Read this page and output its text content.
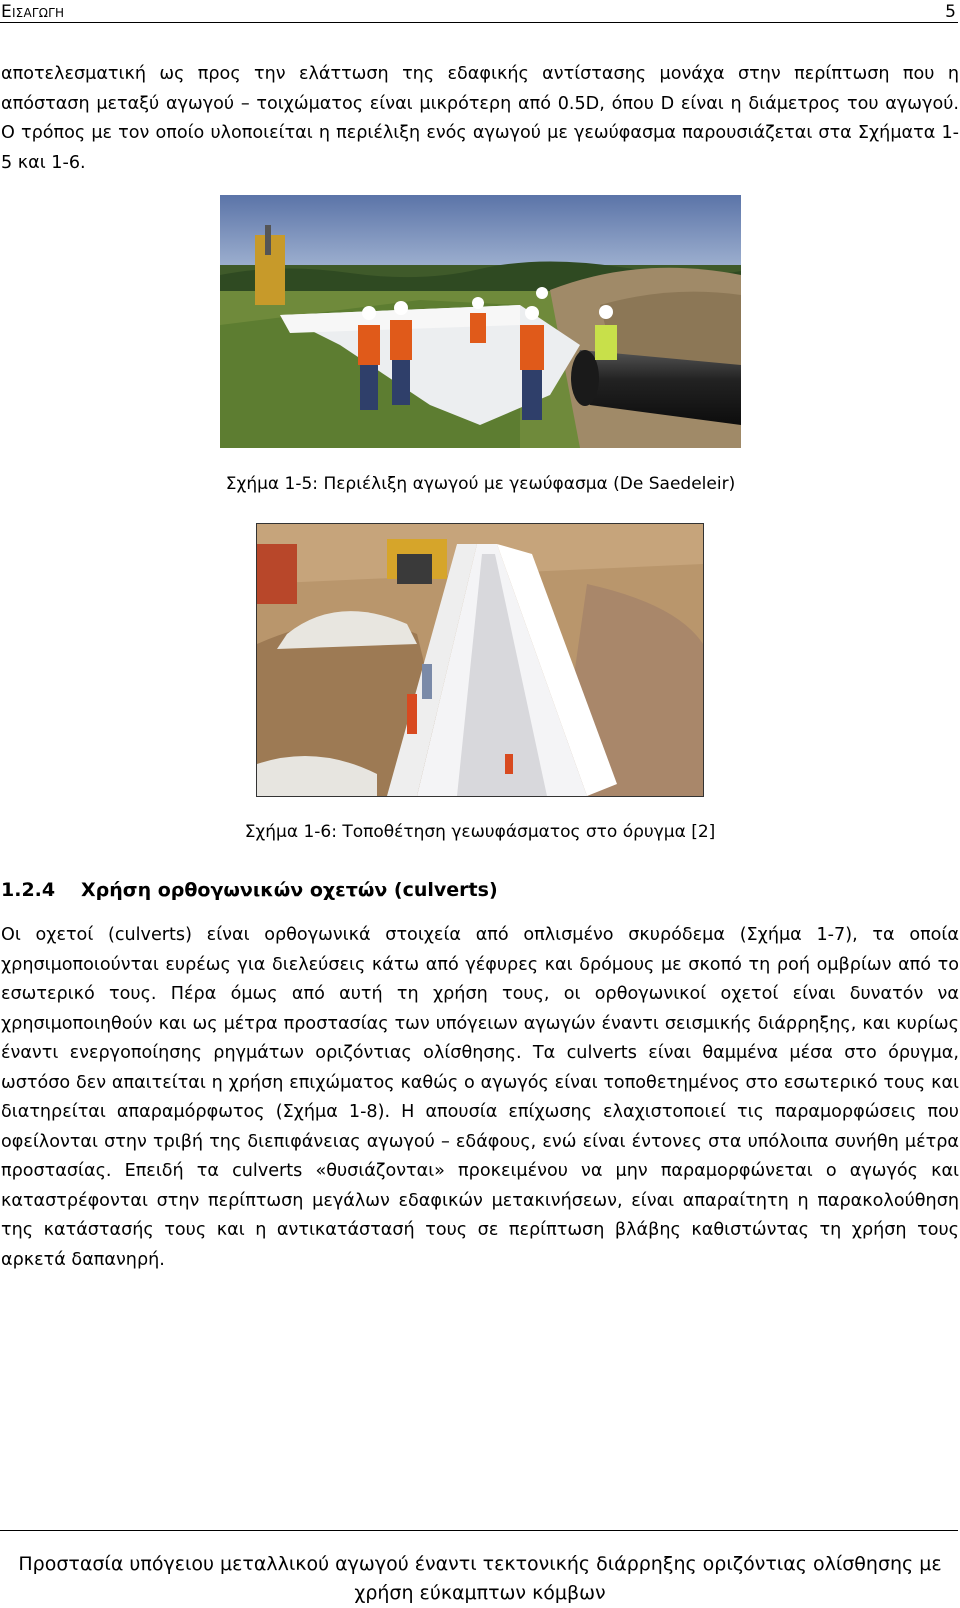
Εισαγωγη	5
αποτελεσματική ως προς την ελάττωση της εδαφικής αντίστασης μονάχα στην περίπτωση που η απόσταση μεταξύ αγωγού – τοιχώματος είναι μικρότερη από 0.5D, όπου D είναι η διάμετρος του αγωγού. Ο τρόπος με τον οποίο υλοποιείται η περιέλιξη ενός αγωγού με γεωύφασμα παρουσιάζεται στα Σχήματα 1-5 και 1-6.
Σχήμα 1-5: Περιέλιξη αγωγού με γεωύφασμα (De Saedeleir)
Σχήμα 1-6: Τοποθέτηση γεωυφάσματος στο όρυγμα [2]
1.2.4 Χρήση ορθογωνικών οχετών (culverts)
Οι οχετοί (culverts) είναι ορθογωνικά στοιχεία από οπλισμένο σκυρόδεμα (Σχήμα 1-7), τα οποία χρησιμοποιούνται ευρέως για διελεύσεις κάτω από γέφυρες και δρόμους με σκοπό τη ροή ομβρίων από το εσωτερικό τους. Πέρα όμως από αυτή τη χρήση τους, οι ορθογωνικοί οχετοί είναι δυνατόν να χρησιμοποιηθούν και ως μέτρα προστασίας των υπόγειων αγωγών έναντι σεισμικής διάρρηξης, και κυρίως έναντι ενεργοποίησης ρηγμάτων οριζόντιας ολίσθησης. Τα culverts είναι θαμμένα μέσα στο όρυγμα, ωστόσο δεν απαιτείται η χρήση επιχώματος καθώς ο αγωγός είναι τοποθετημένος στο εσωτερικό τους και διατηρείται απαραμόρφωτος (Σχήμα 1-8). Η απουσία επίχωσης ελαχιστοποιεί τις παραμορφώσεις που οφείλονται στην τριβή της διεπιφάνειας αγωγού – εδάφους, ενώ είναι έντονες στα υπόλοιπα συνήθη μέτρα προστασίας. Επειδή τα culverts «θυσιάζονται» προκειμένου να μην παραμορφώνεται ο αγωγός και καταστρέφονται στην περίπτωση μεγάλων εδαφικών μετακινήσεων, είναι απαραίτητη η παρακολούθηση της κατάστασής τους και η αντικατάστασή τους σε περίπτωση βλάβης καθιστώντας τη χρήση τους αρκετά δαπανηρή.
Προστασία υπόγειου μεταλλικού αγωγού έναντι τεκτονικής διάρρηξης οριζόντιας ολίσθησης με
χρήση εύκαμπτων κόμβων
